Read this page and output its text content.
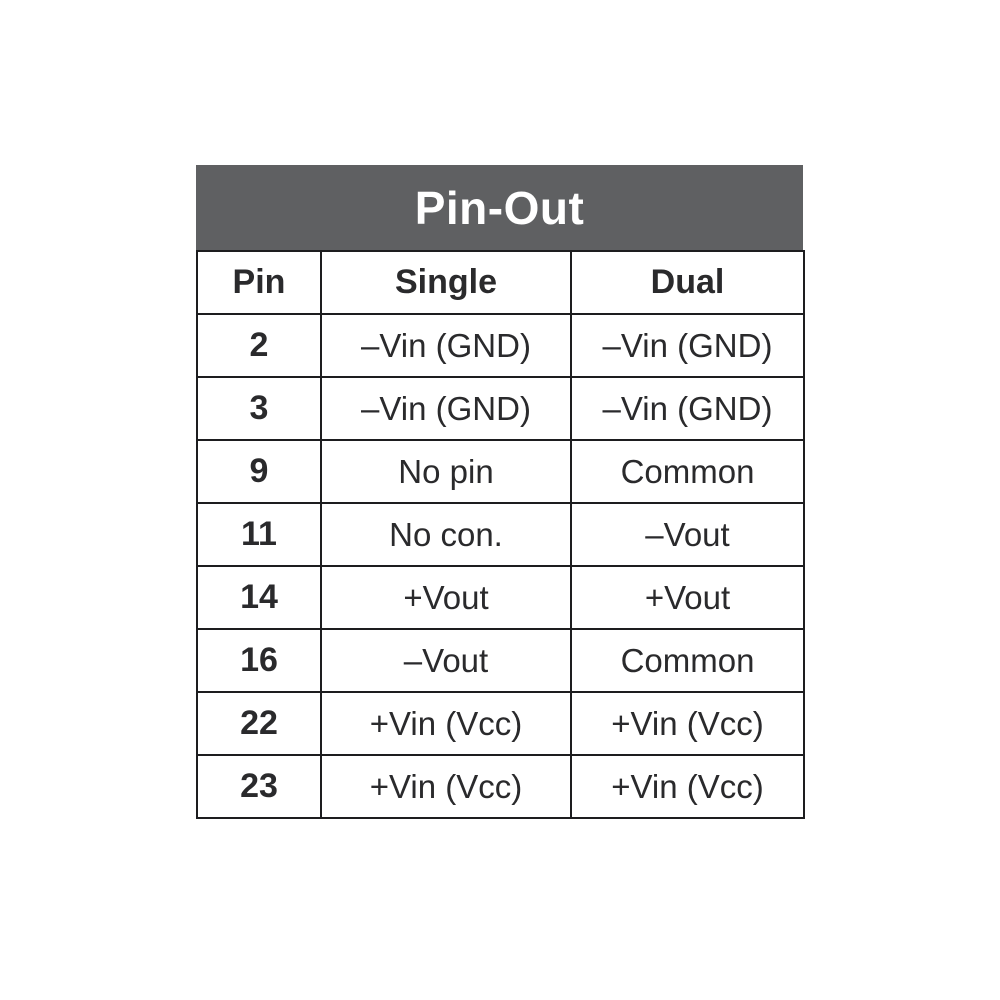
Pin-Out
Pin	Single	Dual
2	–Vin (GND)	–Vin (GND)
3	–Vin (GND)	–Vin (GND)
9	No pin	Common
11	No con.	–Vout
14	+Vout	+Vout
16	–Vout	Common
22	+Vin (Vcc)	+Vin (Vcc)
23	+Vin (Vcc)	+Vin (Vcc)
